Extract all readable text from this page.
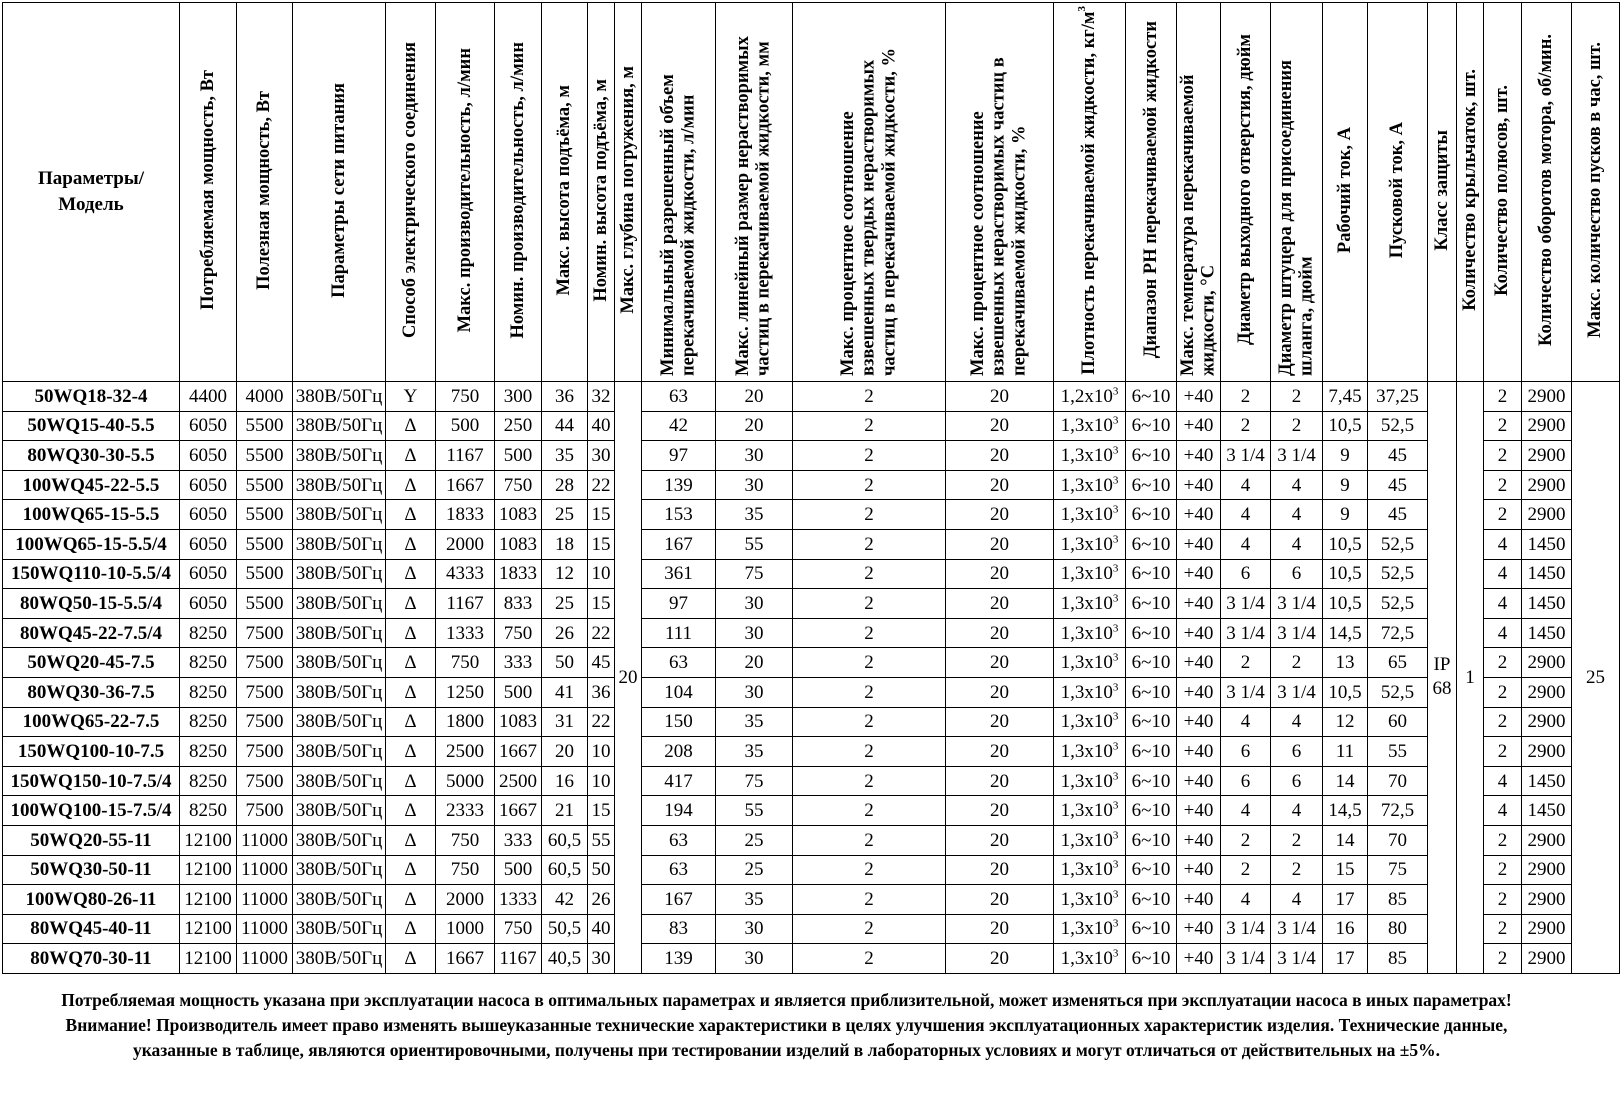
Параметры/ Модель	Потребляемая мощность, Вт	Полезная мощность, Вт	Параметры сети питания	Способ электрического соединения	Макс. производительность, л/мин	Номин. производительность, л/мин	Макс. высота подъёма, м	Номин. высота подъёма, м	Макс. глубина погружения, м	Минимальный разрешенный объем перекачиваемой жидкости, л/мин	Макс. линейный размер нерастворимых частиц в перекачиваемой жидкости, мм	Макс. процентное соотношение взвешенных твердых нерастворимых частиц в перекачиваемой жидкости, %	Макс. процентное соотношение взвешенных нерастворимых частиц в перекачиваемой жидкости, %	Плотность перекачиваемой жидкости, $кг/м^3$	Диапазон PH перекачиваемой жидкости	Макс. температура перекачиваемой жидкости, °С	Диаметр выходного отверстия, дюйм	Диаметр штуцера для присоединения шланга, дюйм	Рабочий ток, А	Пусковой ток, А	Класс защиты	Количество крыльчаток, шт.	Количество полюсов, шт.	Количество оборотов мотора, об/мин.	Макс. количество пусков в час, шт.
50WQ18-32-4	4400	4000	380В/50Гц	Y	750	300	36	32	20	63	20	2	20	$1,2x10^3$	6~10	+40	2	2	7,45	37,25	IP 68	1	2	2900	25
50WQ15-40-5.5	6050	5500	380В/50Гц	Δ	500	250	44	40		42	20	2	20	$1,3x10^3$	6~10	+40	2	2	10,5	52,5			2	2900	
80WQ30-30-5.5	6050	5500	380В/50Гц	Δ	1167	500	35	30		97	30	2	20	$1,3x10^3$	6~10	+40	3 1/4	3 1/4	9	45			2	2900	
100WQ45-22-5.5	6050	5500	380В/50Гц	Δ	1667	750	28	22		139	30	2	20	$1,3x10^3$	6~10	+40	4	4	9	45			2	2900	
100WQ65-15-5.5	6050	5500	380В/50Гц	Δ	1833	1083	25	15		153	35	2	20	$1,3x10^3$	6~10	+40	4	4	9	45			2	2900	
100WQ65-15-5.5/4	6050	5500	380В/50Гц	Δ	2000	1083	18	15		167	55	2	20	$1,3x10^3$	6~10	+40	4	4	10,5	52,5			4	1450	
150WQ110-10-5.5/4	6050	5500	380В/50Гц	Δ	4333	1833	12	10		361	75	2	20	$1,3x10^3$	6~10	+40	6	6	10,5	52,5			4	1450	
80WQ50-15-5.5/4	6050	5500	380В/50Гц	Δ	1167	833	25	15		97	30	2	20	$1,3x10^3$	6~10	+40	3 1/4	3 1/4	10,5	52,5			4	1450	
80WQ45-22-7.5/4	8250	7500	380В/50Гц	Δ	1333	750	26	22		111	30	2	20	$1,3x10^3$	6~10	+40	3 1/4	3 1/4	14,5	72,5			4	1450	
50WQ20-45-7.5	8250	7500	380В/50Гц	Δ	750	333	50	45		63	20	2	20	$1,3x10^3$	6~10	+40	2	2	13	65			2	2900	
80WQ30-36-7.5	8250	7500	380В/50Гц	Δ	1250	500	41	36		104	30	2	20	$1,3x10^3$	6~10	+40	3 1/4	3 1/4	10,5	52,5			2	2900	
100WQ65-22-7.5	8250	7500	380В/50Гц	Δ	1800	1083	31	22		150	35	2	20	$1,3x10^3$	6~10	+40	4	4	12	60			2	2900	
150WQ100-10-7.5	8250	7500	380В/50Гц	Δ	2500	1667	20	10		208	35	2	20	$1,3x10^3$	6~10	+40	6	6	11	55			2	2900	
150WQ150-10-7.5/4	8250	7500	380В/50Гц	Δ	5000	2500	16	10		417	75	2	20	$1,3x10^3$	6~10	+40	6	6	14	70			4	1450	
100WQ100-15-7.5/4	8250	7500	380В/50Гц	Δ	2333	1667	21	15		194	55	2	20	$1,3x10^3$	6~10	+40	4	4	14,5	72,5			4	1450	
50WQ20-55-11	12100	11000	380В/50Гц	Δ	750	333	60,5	55		63	25	2	20	$1,3x10^3$	6~10	+40	2	2	14	70			2	2900	
50WQ30-50-11	12100	11000	380В/50Гц	Δ	750	500	60,5	50		63	25	2	20	$1,3x10^3$	6~10	+40	2	2	15	75			2	2900	
100WQ80-26-11	12100	11000	380В/50Гц	Δ	2000	1333	42	26		167	35	2	20	$1,3x10^3$	6~10	+40	4	4	17	85			2	2900	
80WQ45-40-11	12100	11000	380В/50Гц	Δ	1000	750	50,5	40		83	30	2	20	$1,3x10^3$	6~10	+40	3 1/4	3 1/4	16	80			2	2900	
80WQ70-30-11	12100	11000	380В/50Гц	Δ	1667	1167	40,5	30		139	30	2	20	$1,3x10^3$	6~10	+40	3 1/4	3 1/4	17	85			2	2900	
Потребляемая мощность указана при эксплуатации насоса в оптимальных параметрах и является приблизительной, может изменяться при эксплуатации насоса в иных параметрах!
Внимание! Производитель имеет право изменять вышеуказанные технические характеристики в целях улучшения эксплуатационных характеристик изделия. Технические данные,
указанные в таблице, являются ориентировочными, получены при тестировании изделий в лабораторных условиях и могут отличаться от действительных на ±5%.
